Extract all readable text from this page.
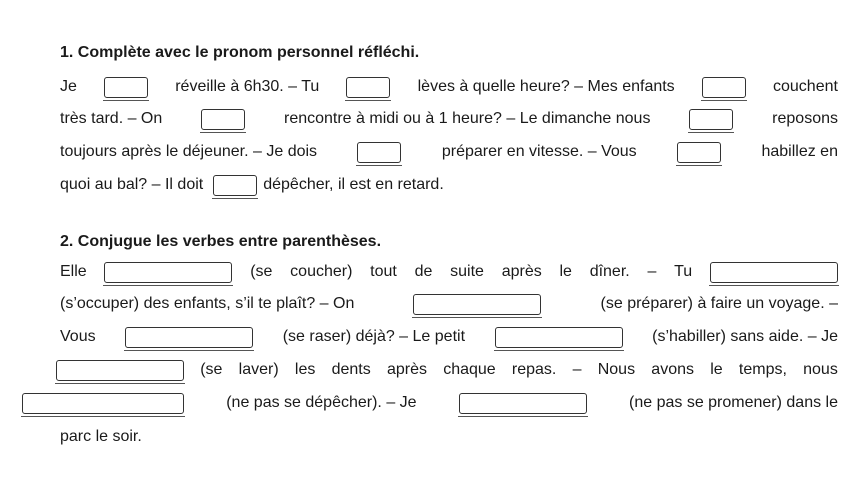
1. Complète avec le pronom personnel réfléchi.
Je	réveille à 6h30. – Tu	lèves à quelle heure? – Mes enfants	couchent
très tard. – On	rencontre à midi ou à 1 heure? – Le dimanche nous	reposons
toujours après le déjeuner. – Je dois	préparer en vitesse. – Vous	habillez en
quoi au bal? – Il doit	dépêcher, il est en retard.
2. Conjugue les verbes entre parenthèses.
Elle	(se coucher) tout de suite après le dîner. – Tu
(s’occuper) des enfants, s’il te plaît? – On	(se préparer) à faire un voyage. –
Vous	(se raser) déjà? – Le petit	(s’habiller) sans aide. – Je
(se laver) les dents après chaque repas. – Nous avons le temps, nous
(ne pas se dépêcher). – Je	(ne pas se promener) dans le
parc le soir.
